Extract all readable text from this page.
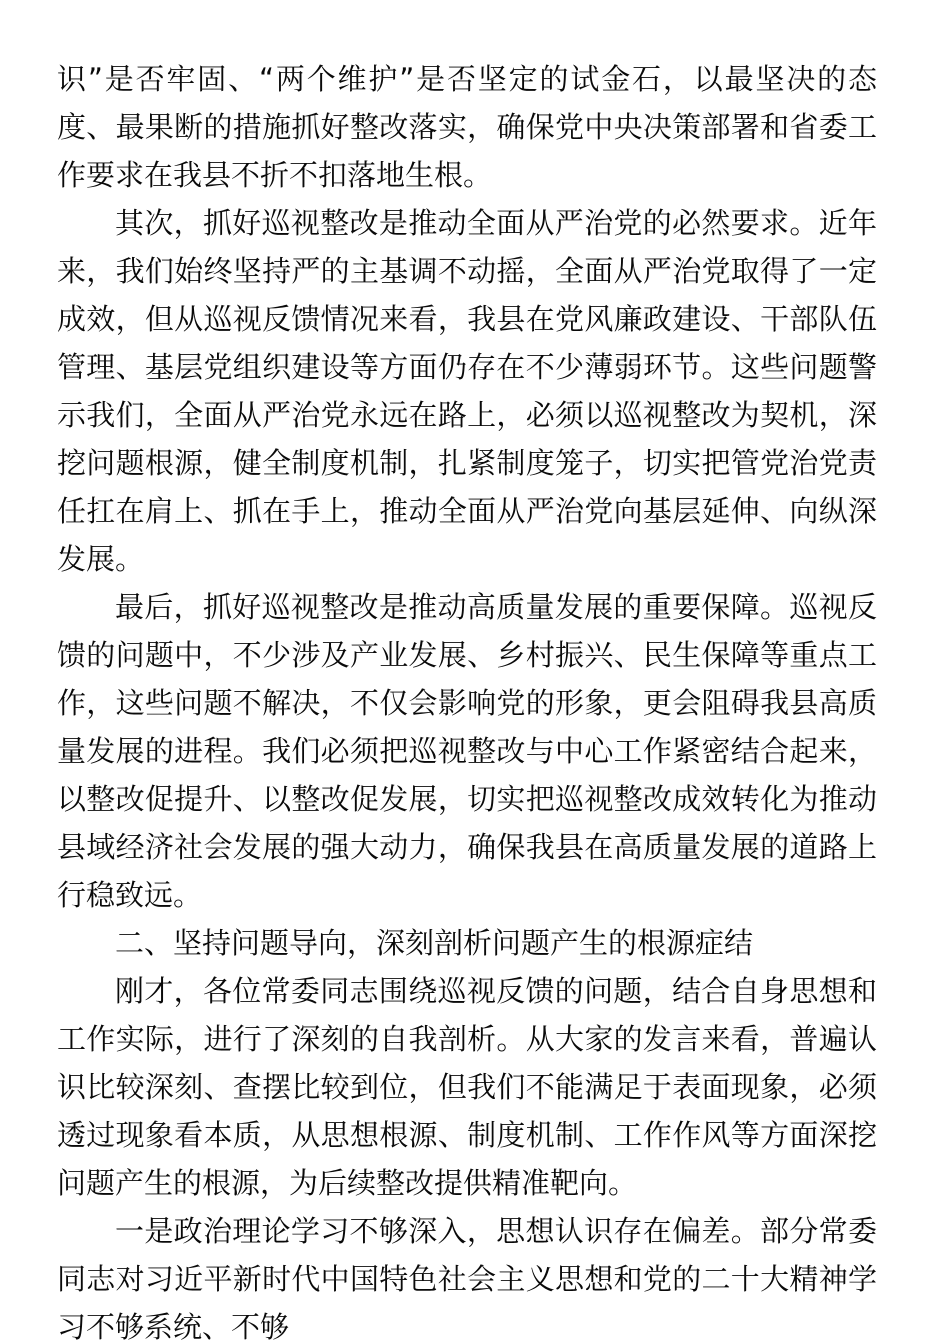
识”是否牢固、“两个维护”是否坚定的试金石，以最坚决的态度、最果断的措施抓好整改落实，确保党中央决策部署和省委工作要求在我县不折不扣落地生根。

其次，抓好巡视整改是推动全面从严治党的必然要求。近年来，我们始终坚持严的主基调不动摇，全面从严治党取得了一定成效，但从巡视反馈情况来看，我县在党风廉政建设、干部队伍管理、基层党组织建设等方面仍存在不少薄弱环节。这些问题警示我们，全面从严治党永远在路上，必须以巡视整改为契机，深挖问题根源，健全制度机制，扎紧制度笼子，切实把管党治党责任扛在肩上、抓在手上，推动全面从严治党向基层延伸、向纵深发展。

最后，抓好巡视整改是推动高质量发展的重要保障。巡视反馈的问题中，不少涉及产业发展、乡村振兴、民生保障等重点工作，这些问题不解决，不仅会影响党的形象，更会阻碍我县高质量发展的进程。我们必须把巡视整改与中心工作紧密结合起来，以整改促提升、以整改促发展，切实把巡视整改成效转化为推动县域经济社会发展的强大动力，确保我县在高质量发展的道路上行稳致远。

二、坚持问题导向，深刻剖析问题产生的根源症结

刚才，各位常委同志围绕巡视反馈的问题，结合自身思想和工作实际，进行了深刻的自我剖析。从大家的发言来看，普遍认识比较深刻、查摆比较到位，但我们不能满足于表面现象，必须透过现象看本质，从思想根源、制度机制、工作作风等方面深挖问题产生的根源，为后续整改提供精准靶向。

一是政治理论学习不够深入，思想认识存在偏差。部分常委同志对习近平新时代中国特色社会主义思想和党的二十大精神学习不够系统、不够
